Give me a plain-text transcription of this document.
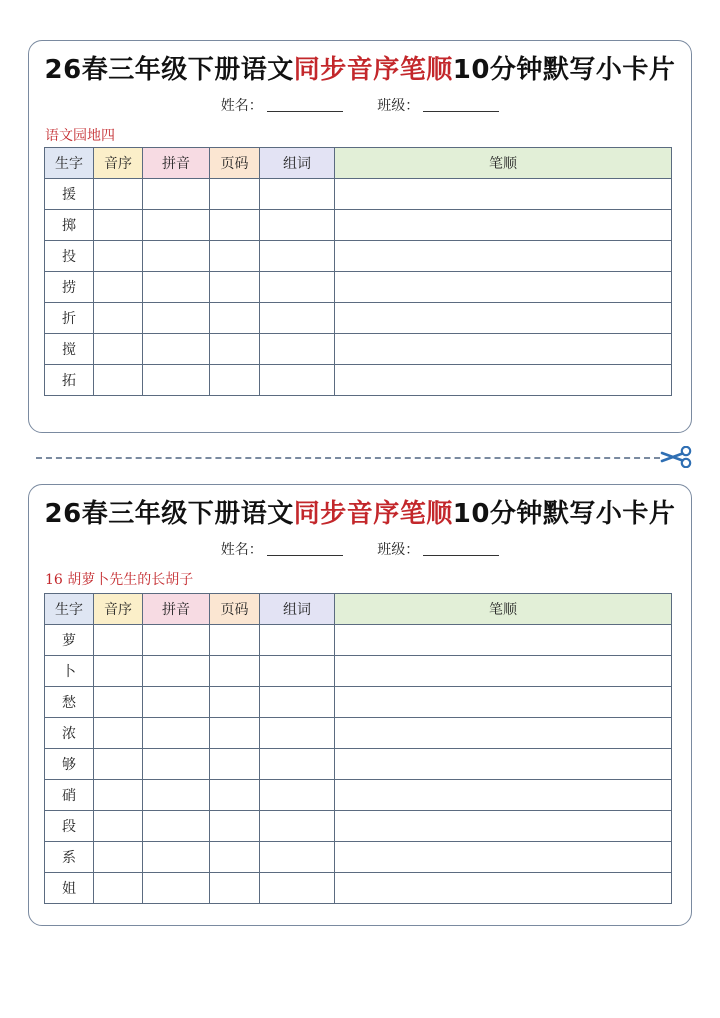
26春三年级下册语文同步音序笔顺10分钟默写小卡片
姓名：	班级：
语文园地四
生字	音序	拼音	页码	组词	笔顺
援					
掷					
投					
捞					
折					
搅					
拓					
26春三年级下册语文同步音序笔顺10分钟默写小卡片
姓名：	班级：
16 胡萝卜先生的长胡子
生字	音序	拼音	页码	组词	笔顺
萝					
卜					
愁					
浓					
够					
硝					
段					
系					
姐					
